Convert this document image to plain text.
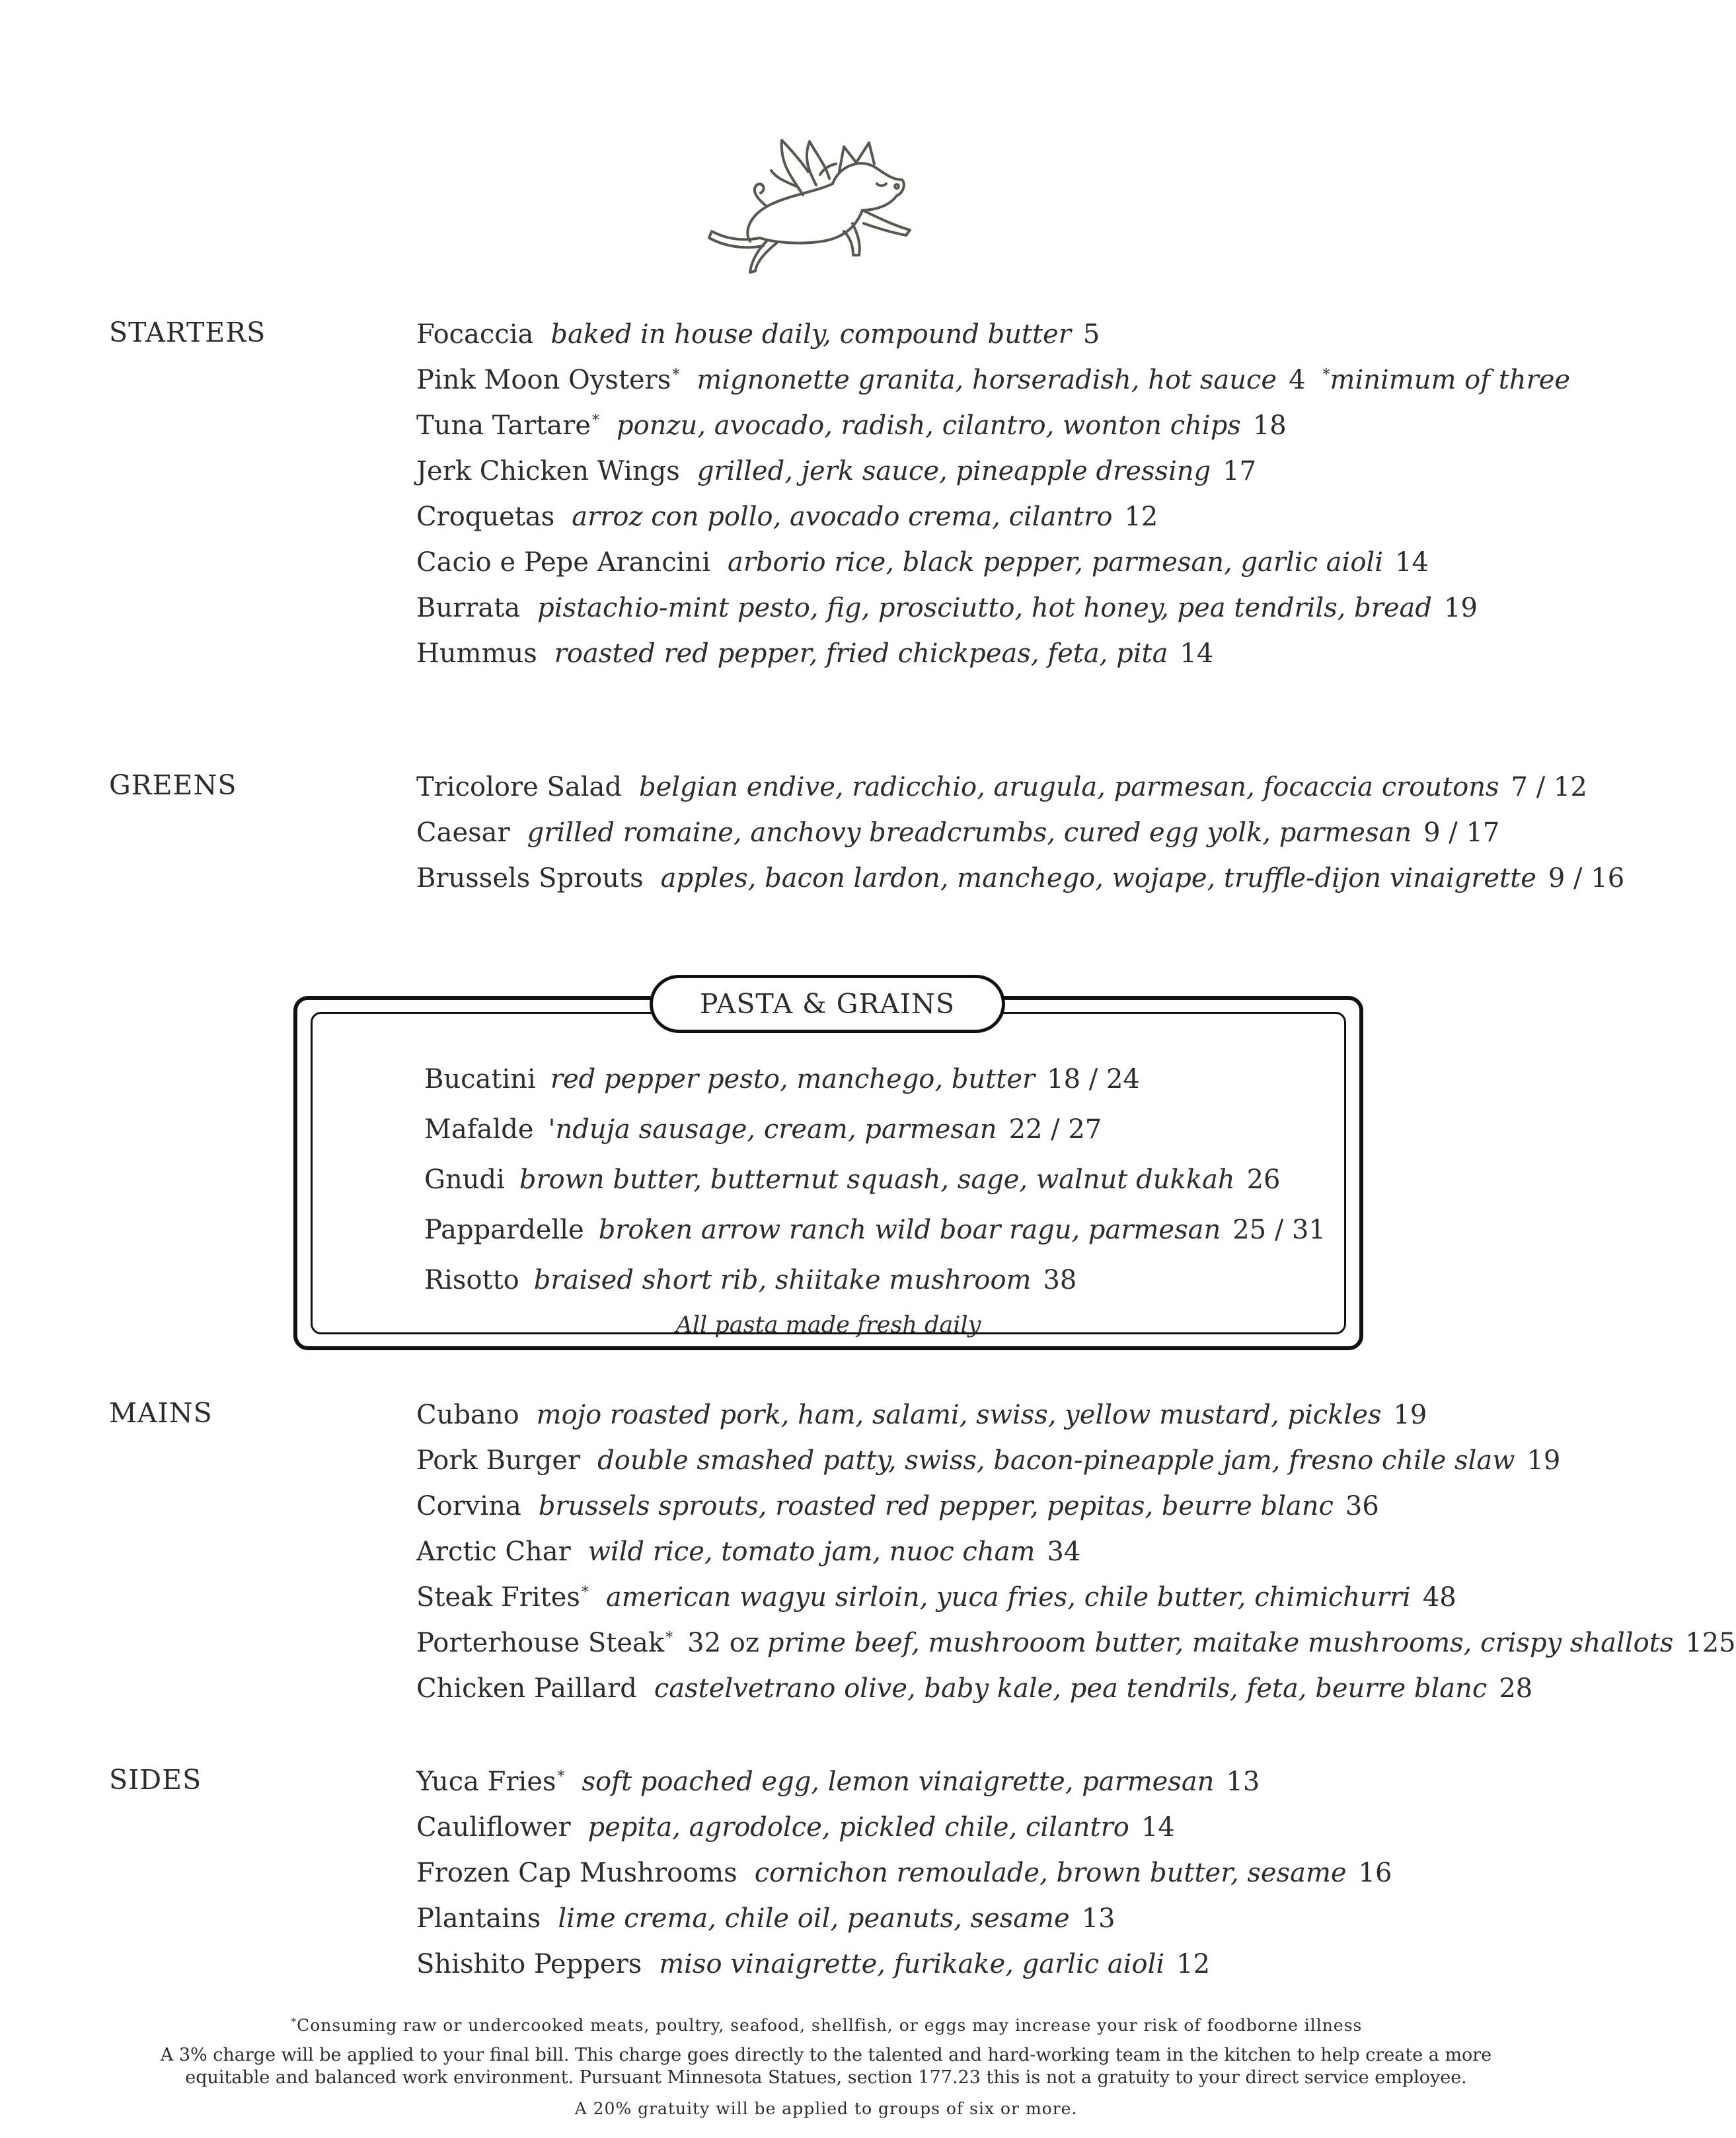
STARTERS	Focaccia baked in house daily, compound butter 5
Pink Moon Oysters* mignonette granita, horseradish, hot sauce 4 *minimum of three
Tuna Tartare* ponzu, avocado, radish, cilantro, wonton chips 18
Jerk Chicken Wings grilled, jerk sauce, pineapple dressing 17
Croquetas arroz con pollo, avocado crema, cilantro 12
Cacio e Pepe Arancini arborio rice, black pepper, parmesan, garlic aioli 14
Burrata pistachio-mint pesto, fig, prosciutto, hot honey, pea tendrils, bread 19
Hummus roasted red pepper, fried chickpeas, feta, pita 14
GREENS	Tricolore Salad belgian endive, radicchio, arugula, parmesan, focaccia croutons 7 / 12
Caesar grilled romaine, anchovy breadcrumbs, cured egg yolk, parmesan 9 / 17
Brussels Sprouts apples, bacon lardon, manchego, wojape, truffle-dijon vinaigrette 9 / 16
PASTA & GRAINS
Bucatini red pepper pesto, manchego, butter 18 / 24
Mafalde 'nduja sausage, cream, parmesan 22 / 27
Gnudi brown butter, butternut squash, sage, walnut dukkah 26
Pappardelle broken arrow ranch wild boar ragu, parmesan 25 / 31
Risotto braised short rib, shiitake mushroom 38

All pasta made fresh daily

MAINS	Cubano mojo roasted pork, ham, salami, swiss, yellow mustard, pickles 19
Pork Burger double smashed patty, swiss, bacon-pineapple jam, fresno chile slaw 19
Corvina brussels sprouts, roasted red pepper, pepitas, beurre blanc 36
Arctic Char wild rice, tomato jam, nuoc cham 34
Steak Frites* american wagyu sirloin, yuca fries, chile butter, chimichurri 48
Porterhouse Steak* 32 oz prime beef, mushrooom butter, maitake mushrooms, crispy shallots 125
Chicken Paillard castelvetrano olive, baby kale, pea tendrils, feta, beurre blanc 28
SIDES	Yuca Fries* soft poached egg, lemon vinaigrette, parmesan 13
Cauliflower pepita, agrodolce, pickled chile, cilantro 14
Frozen Cap Mushrooms cornichon remoulade, brown butter, sesame 16
Plantains lime crema, chile oil, peanuts, sesame 13
Shishito Peppers miso vinaigrette, furikake, garlic aioli 12

*Consuming raw or undercooked meats, poultry, seafood, shellfish, or eggs may increase your risk of foodborne illness

A 3% charge will be applied to your final bill. This charge goes directly to the talented and hard-working team in the kitchen to help create a more
equitable and balanced work environment. Pursuant Minnesota Statues, section 177.23 this is not a gratuity to your direct service employee.

A 20% gratuity will be applied to groups of six or more.
